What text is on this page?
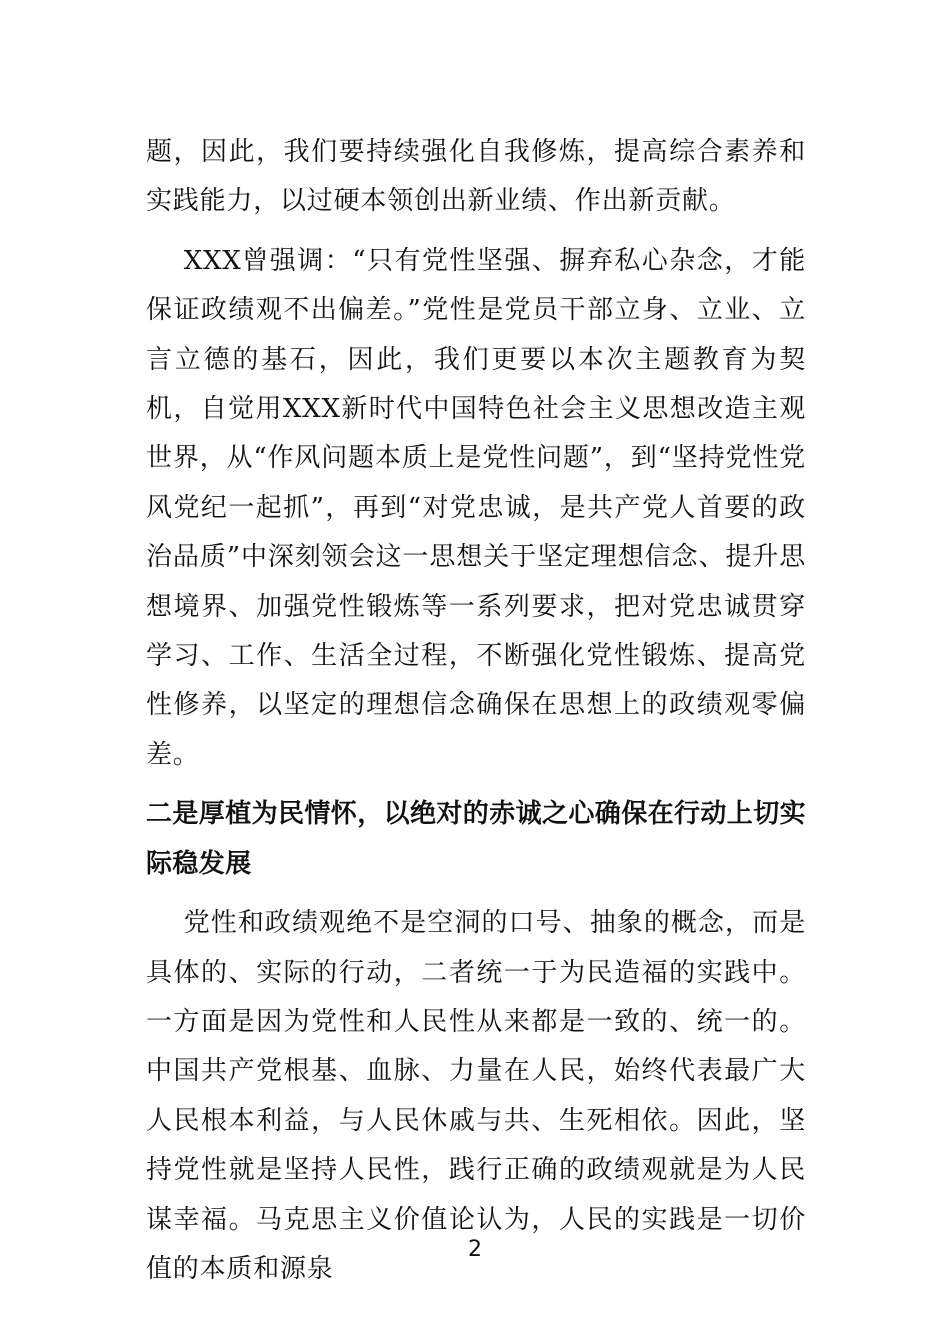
题，因此，我们要持续强化自我修炼，提高综合素养和实践能力，以过硬本领创出新业绩、作出新贡献。

XXX曾强调：“只有党性坚强、摒弃私心杂念，才能保证政绩观不出偏差。”党性是党员干部立身、立业、立言立德的基石，因此，我们更要以本次主题教育为契机，自觉用XXX新时代中国特色社会主义思想改造主观世界，从“作风问题本质上是党性问题”，到“坚持党性党风党纪一起抓”，再到“对党忠诚，是共产党人首要的政治品质”中深刻领会这一思想关于坚定理想信念、提升思想境界、加强党性锻炼等一系列要求，把对党忠诚贯穿学习、工作、生活全过程，不断强化党性锻炼、提高党性修养，以坚定的理想信念确保在思想上的政绩观零偏差。

二是厚植为民情怀，以绝对的赤诚之心确保在行动上切实际稳发展

党性和政绩观绝不是空洞的口号、抽象的概念，而是具体的、实际的行动，二者统一于为民造福的实践中。一方面是因为党性和人民性从来都是一致的、统一的。中国共产党根基、血脉、力量在人民，始终代表最广大人民根本利益，与人民休戚与共、生死相依。因此，坚持党性就是坚持人民性，践行正确的政绩观就是为人民谋幸福。马克思主义价值论认为，人民的实践是一切价值的本质和源泉

2
